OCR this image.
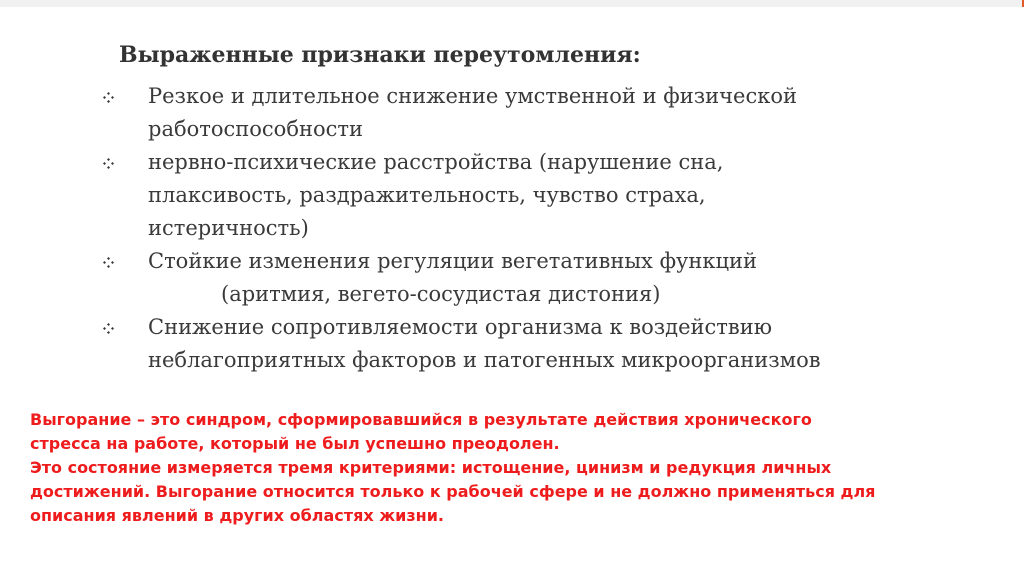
Выраженные признаки переутомления:
Резкое и длительное снижение умственной и физической
работоспособности
нервно-психические расстройства (нарушение сна,
плаксивость, раздражительность, чувство страха,
истеричность)
Стойкие изменения регуляции вегетативных функций
(аритмия, вегето-сосудистая дистония)
Снижение сопротивляемости организма к воздействию
неблагоприятных факторов и патогенных микроорганизмов
Выгорание – это синдром, сформировавшийся в результате действия хронического
стресса на работе, который не был успешно преодолен.
Это состояние измеряется тремя критериями: истощение, цинизм и редукция личных
достижений. Выгорание относится только к рабочей сфере и не должно применяться для
описания явлений в других областях жизни.
